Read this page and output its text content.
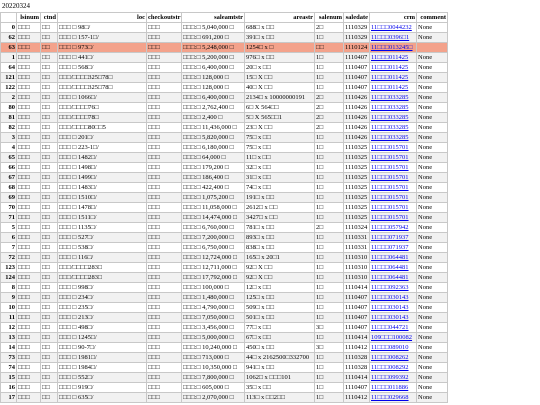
20220324
	lsinum	ctnd	loc	checkoutstr	saleamtstr	areastr	salenum	saledate	crm	comment
0	□□□	□□	□□□ □ 98□/	□□□	□□□:□ 5,040,000 □	688□ x □□	2□	1110329	11□□□0044232	None
62	□□□	□□	□□□ □ 157-1□/	□□□	□□□:□ 691,200 □	391□ x □□	1□	1110329	11□□□0396□1	None
63	□□□	□□	□□□ □ 973□/	□□□	□□□:□ 5,248,000 □	1254□ x □	□□	1110124	11□□□013245□	
1	□□□	□□	□□□ □ 441□/	□□□	□□□:□ 5,200,000 □	976□ x □□	1□	1110407	11□□□011425	None
64	□□□	□□	□□□ □ 568□/	□□□	□□□:□ 6,400,000 □	20□ x □□	1□	1110407	11□□□011425	None
121	□□□	□□	□□□/□□□□325□78□	□□□	□□□:□ 128,000 □	15□ X □□	1□	1110407	11□□□011425	None
122	□□□	□□	□□□/□□□□325□78□	□□□	□□□:□ 128,000 □	40□ X □□	1□	1110407	11□□□011425	None
2	□□□	□□	□□□ □ 1066□/	□□□	□□□:□ 6,400,000 □	2134□ x 10000000191	2□	1110426	11□□□033285	None
80	□□□	□□	□□□/□□□□76□	□□□	□□□:□ 2,762,400 □	6□ X 564□□	2□	1110426	11□□□033285	None
81	□□□	□□	□□□/□□□□78□	□□□	□□□:□ 2,400 □	5□ X 565□□1	2□	1110426	11□□□033285	None
82	□□□	□□	□□□/□□□□80□□5	□□□	□□□:□ 11,436,000 □	23□ X □□	2□	1110426	11□□□033285	None
3	□□□	□□	□□□ □ 201□/	□□□	□□□:□ 5,820,000 □	75□ x □□	1□	1110426	11□□□033285	None
4	□□□	□□	□□□ □ 223-1□/	□□□	□□□:□ 6,180,000 □	75□ x □□	1□	1110325	11□□□015701	None
65	□□□	□□	□□□ □ 1482□/	□□□	□□□:□ 64,000 □	11□ x □□	1□	1110325	11□□□015701	None
66	□□□	□□	□□□ □ 1498□/	□□□	□□□:□ 179,200 □	32□ x □□	1□	1110325	11□□□015701	None
67	□□□	□□	□□□ □ 1499□/	□□□	□□□:□ 186,400 □	31□ x □□	1□	1110325	11□□□015701	None
68	□□□	□□	□□□ □ 1483□/	□□□	□□□:□ 422,400 □	74□ x □□	1□	1110325	11□□□015701	None
69	□□□	□□	□□□ □ 1510□/	□□□	□□□:□ 1,075,200 □	191□ x □□	1□	1110325	11□□□015701	None
70	□□□	□□	□□□ □ 1478□/	□□□	□□□:□ 11,058,000 □	2612□ x □□	1□	1110325	11□□□015701	None
71	□□□	□□	□□□ □ 1511□/	□□□	□□□:□ 14,474,000 □	3427□ x □□	1□	1110325	11□□□015701	None
5	□□□	□□	□□□ □ 1135□/	□□□	□□□:□ 6,760,000 □	781□ x □□	2□	1110324	11□□□057942	None
6	□□□	□□	□□□ □ 527□/	□□□	□□□:□ 7,200,000 □	893□ x □□	1□	1110331	11□□□071937	None
7	□□□	□□	□□□ □ 538□/	□□□	□□□:□ 6,750,000 □	838□ x □□	1□	1110331	11□□□071937	None
72	□□□	□□	□□□ □ 116□/	□□□	□□□:□ 12,724,000 □	165□ x 20□1	1□	1110310	11□□□064481	None
123	□□□	□□	□□□/□□□□283□	□□□	□□□:□ 12,711,000 □	92□ X □□	1□	1110310	11□□□064481	None
124	□□□	□□	□□□/□□□□283□	□□□	□□□:□ 17,792,000 □	92□ X □□	1□	1110310	11□□□064481	None
8	□□□	□□	□□□ □ 998□/	□□□	□□□:□ 100,000 □	12□ x □□	1□	1110414	11□□□092363	None
9	□□□	□□	□□□ □ 234□/	□□□	□□□:□ 1,480,000 □	125□ x □□	1□	1110407	11□□□030143	None
10	□□□	□□	□□□ □ 235□/	□□□	□□□:□ 4,790,000 □	509□ x □□	1□	1110407	11□□□030143	None
11	□□□	□□	□□□ □ 213□/	□□□	□□□:□ 7,050,000 □	501□ x □□	1□	1110407	11□□□030143	None
12	□□□	□□	□□□ □ 498□/	□□□	□□□:□ 3,456,000 □	77□ x □□	3□	1110407	11□□□044721	None
13	□□□	□□	□□□ □ 1245□/	□□□	□□□:□ 5,000,000 □	67□ x □□	1□	1110414	109□□□100082	None
14	□□□	□□	□□□ □ 90-7□/	□□□	□□□:□ 10,240,000 □	450□ x □□	3□	1110412	11□□□089010	None
73	□□□	□□	□□□ □ 1981□/	□□□	□□□:□ 713,000 □	44□ x 2162500□332700	1□	1110328	11□□□008262	None
74	□□□	□□	□□□ □ 1984□/	□□□	□□□:□ 10,350,000 □	941□ x □□	1□	1110328	11□□□008292	None
15	□□□	□□	□□□ □ 552□/	□□□	□□□:□ 7,800,000 □	1062□ x □□□101	1□	1110414	11□□□099392	None
16	□□□	□□	□□□ □ 919□/	□□□	□□□:□ 605,000 □	35□ x □□	1□	1110407	11□□□011886	None
17	□□□	□□	□□□ □ 635□/	□□□	□□□:□ 2,070,000 □	113□ x □□2□□	1□	1110412	11□□□029668	None
